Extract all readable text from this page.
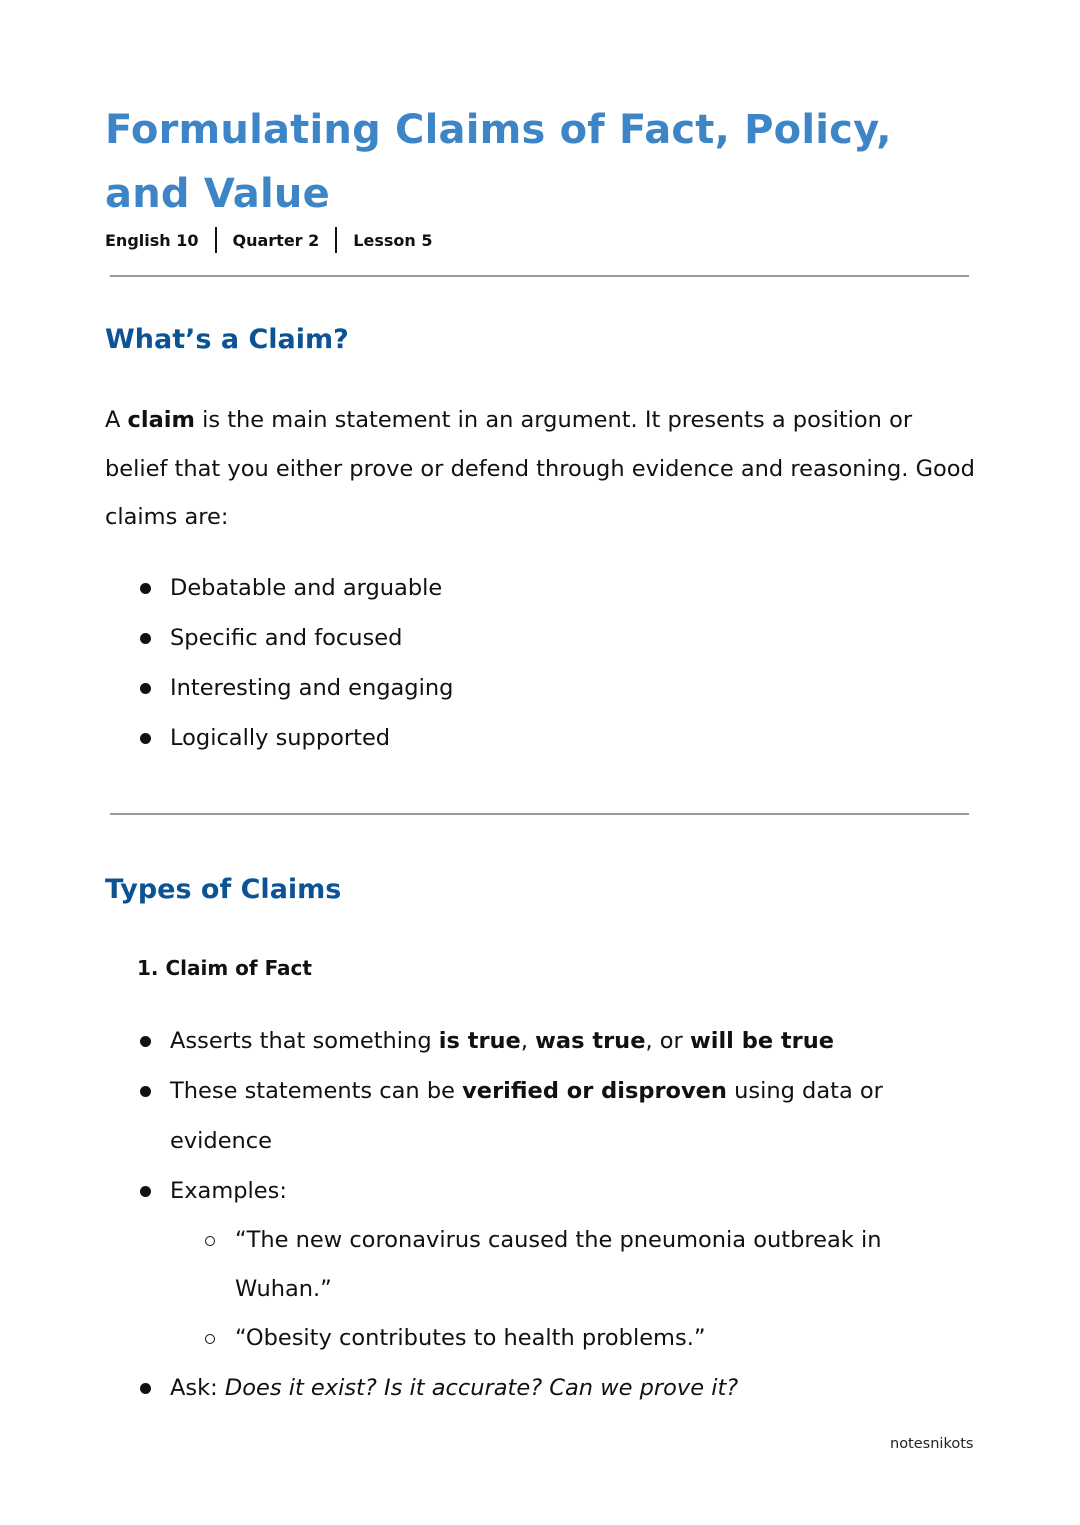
Formulating Claims of Fact, Policy, and Value
English 10 Quarter 2 Lesson 5
What’s a Claim?
A claim is the main statement in an argument. It presents a position or belief that you either prove or defend through evidence and reasoning. Good claims are:
Debatable and arguable
Specific and focused
Interesting and engaging
Logically supported
Types of Claims
1. Claim of Fact
Asserts that something is true, was true, or will be true
These statements can be verified or disproven using data or evidence
Examples:
“The new coronavirus caused the pneumonia outbreak in Wuhan.”
“Obesity contributes to health problems.”
Ask: Does it exist? Is it accurate? Can we prove it?
notesnikots
